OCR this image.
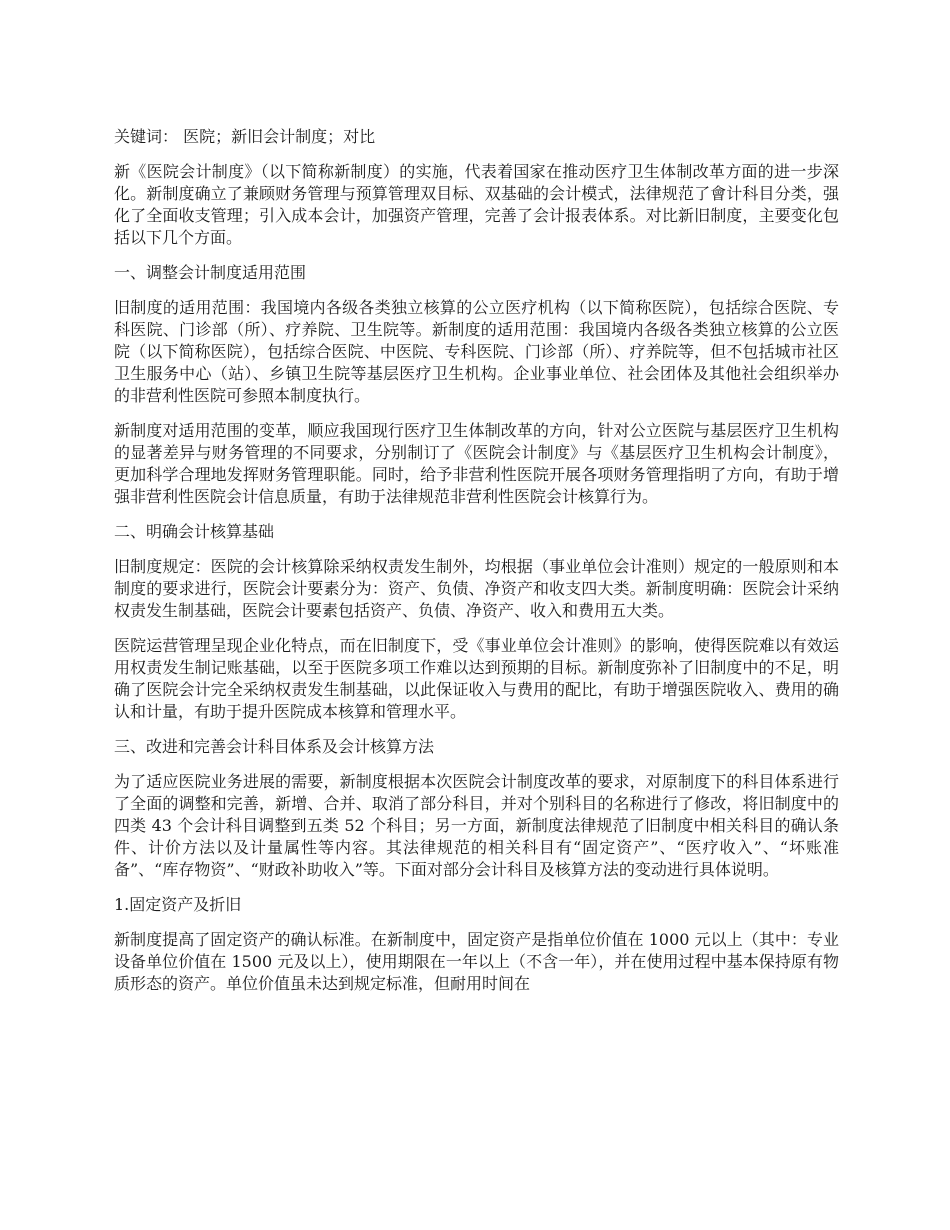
关键词： 医院；新旧会计制度；对比

新《医院会计制度》（以下简称新制度）的实施，代表着国家在推动医疗卫生体制改革方面的进一步深化。新制度确立了兼顾财务管理与预算管理双目标、双基础的会计模式，法律规范了會计科目分类，强化了全面收支管理；引入成本会计，加强资产管理，完善了会计报表体系。对比新旧制度，主要变化包括以下几个方面。

一、调整会计制度适用范围

旧制度的适用范围：我国境内各级各类独立核算的公立医疗机构（以下简称医院），包括综合医院、专科医院、门诊部（所）、疗养院、卫生院等。新制度的适用范围：我国境内各级各类独立核算的公立医院（以下简称医院），包括综合医院、中医院、专科医院、门诊部（所）、疗养院等，但不包括城市社区卫生服务中心（站）、乡镇卫生院等基层医疗卫生机构。企业事业单位、社会团体及其他社会组织举办的非营利性医院可参照本制度执行。

新制度对适用范围的变革，顺应我国现行医疗卫生体制改革的方向，针对公立医院与基层医疗卫生机构的显著差异与财务管理的不同要求，分别制订了《医院会计制度》与《基层医疗卫生机构会计制度》，更加科学合理地发挥财务管理职能。同时，给予非营利性医院开展各项财务管理指明了方向，有助于增强非营利性医院会计信息质量，有助于法律规范非营利性医院会计核算行为。

二、明确会计核算基础

旧制度规定：医院的会计核算除采纳权责发生制外，均根据（事业单位会计准则）规定的一般原则和本制度的要求进行，医院会计要素分为：资产、负债、净资产和收支四大类。新制度明确：医院会计采纳权责发生制基础，医院会计要素包括资产、负债、净资产、收入和费用五大类。

医院运营管理呈现企业化特点，而在旧制度下，受《事业单位会计准则》的影响，使得医院难以有效运用权责发生制记账基础，以至于医院多项工作难以达到预期的目标。新制度弥补了旧制度中的不足，明确了医院会计完全采纳权责发生制基础，以此保证收入与费用的配比，有助于增强医院收入、费用的确认和计量，有助于提升医院成本核算和管理水平。

三、改进和完善会计科目体系及会计核算方法

为了适应医院业务进展的需要，新制度根据本次医院会计制度改革的要求，对原制度下的科目体系进行了全面的调整和完善，新增、合并、取消了部分科目，并对个别科目的名称进行了修改，将旧制度中的四类 43 个会计科目调整到五类 52 个科目；另一方面，新制度法律规范了旧制度中相关科目的确认条件、计价方法以及计量属性等内容。其法律规范的相关科目有“固定资产”、“医疗收入”、“坏账准备”、“库存物资”、“财政补助收入”等。下面对部分会计科目及核算方法的变动进行具体说明。

1.固定资产及折旧

新制度提高了固定资产的确认标准。在新制度中，固定资产是指单位价值在 1000 元以上（其中：专业设备单位价值在 1500 元及以上），使用期限在一年以上（不含一年），并在使用过程中基本保持原有物质形态的资产。单位价值虽未达到规定标准，但耐用时间在
